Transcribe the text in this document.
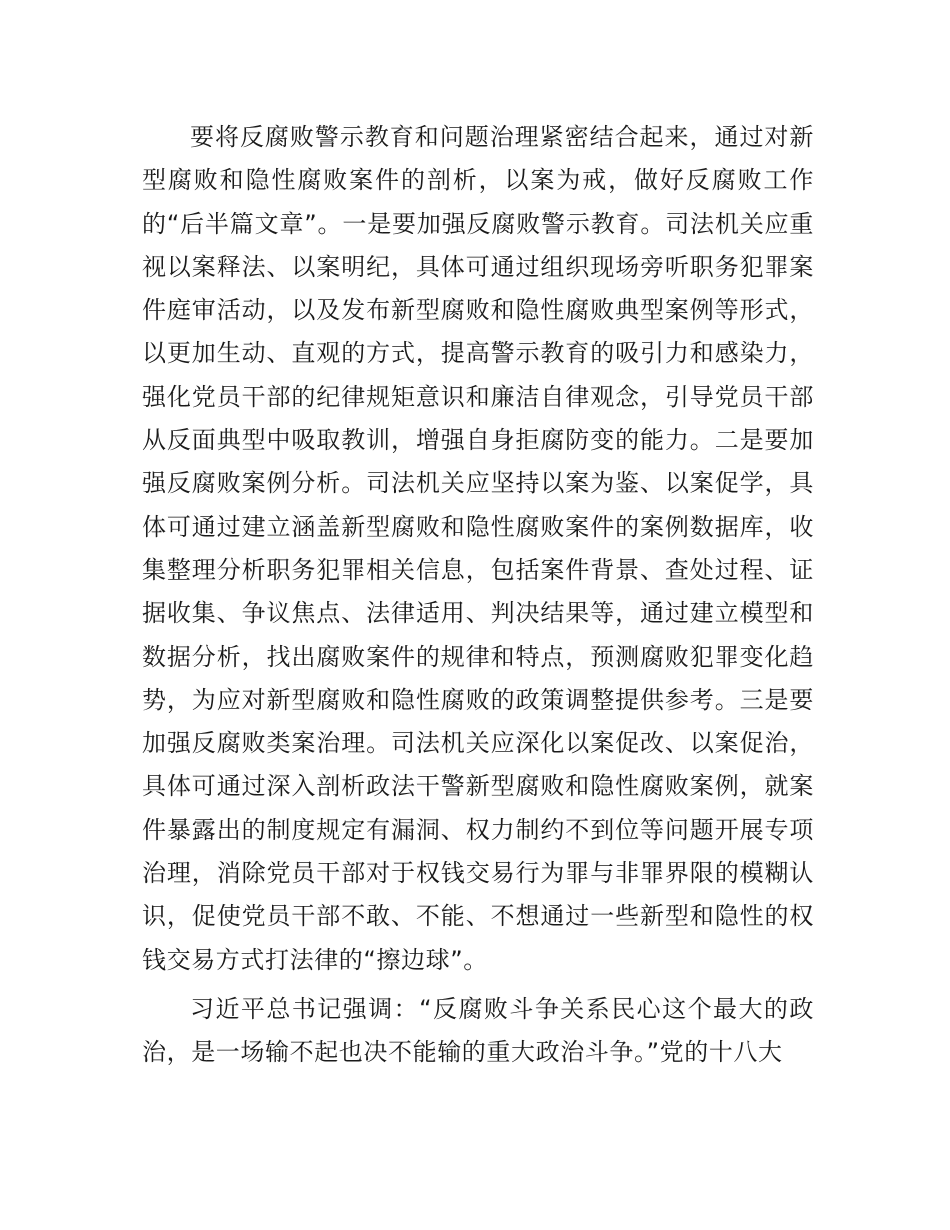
要将反腐败警示教育和问题治理紧密结合起来，通过对新型腐败和隐性腐败案件的剖析，以案为戒，做好反腐败工作的“后半篇文章”。一是要加强反腐败警示教育。司法机关应重视以案释法、以案明纪，具体可通过组织现场旁听职务犯罪案件庭审活动，以及发布新型腐败和隐性腐败典型案例等形式，以更加生动、直观的方式，提高警示教育的吸引力和感染力，强化党员干部的纪律规矩意识和廉洁自律观念，引导党员干部从反面典型中吸取教训，增强自身拒腐防变的能力。二是要加强反腐败案例分析。司法机关应坚持以案为鉴、以案促学，具体可通过建立涵盖新型腐败和隐性腐败案件的案例数据库，收集整理分析职务犯罪相关信息，包括案件背景、查处过程、证据收集、争议焦点、法律适用、判决结果等，通过建立模型和数据分析，找出腐败案件的规律和特点，预测腐败犯罪变化趋势，为应对新型腐败和隐性腐败的政策调整提供参考。三是要加强反腐败类案治理。司法机关应深化以案促改、以案促治，具体可通过深入剖析政法干警新型腐败和隐性腐败案例，就案件暴露出的制度规定有漏洞、权力制约不到位等问题开展专项治理，消除党员干部对于权钱交易行为罪与非罪界限的模糊认识，促使党员干部不敢、不能、不想通过一些新型和隐性的权钱交易方式打法律的“擦边球”。

习近平总书记强调：“反腐败斗争关系民心这个最大的政治，是一场输不起也决不能输的重大政治斗争。”党的十八大
